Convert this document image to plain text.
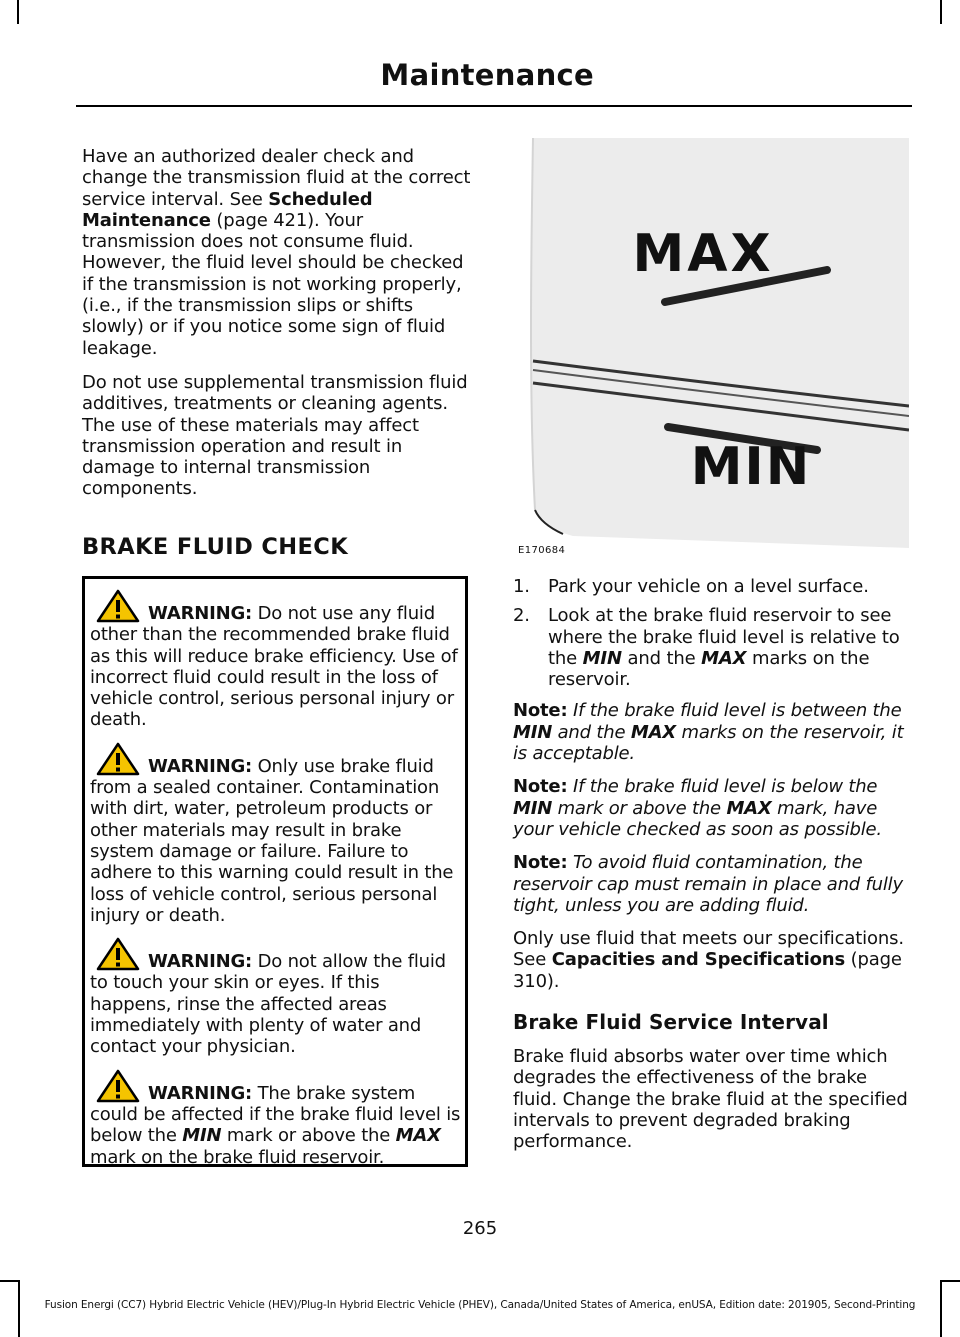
Maintenance

Have an authorized dealer check and change the transmission fluid at the correct service interval. See Scheduled Maintenance (page 421). Your transmission does not consume fluid. However, the fluid level should be checked if the transmission is not working properly, (i.e., if the transmission slips or shifts slowly) or if you notice some sign of fluid leakage.

Do not use supplemental transmission fluid additives, treatments or cleaning agents. The use of these materials may affect transmission operation and result in damage to internal transmission components.

BRAKE FLUID CHECK
WARNING: Do not use any fluid other than the recommended brake fluid as this will reduce brake efficiency. Use of incorrect fluid could result in the loss of vehicle control, serious personal injury or death.
WARNING: Only use brake fluid from a sealed container. Contamination with dirt, water, petroleum products or other materials may result in brake system damage or failure. Failure to adhere to this warning could result in the loss of vehicle control, serious personal injury or death.
WARNING: Do not allow the fluid to touch your skin or eyes. If this happens, rinse the affected areas immediately with plenty of water and contact your physician.
WARNING: The brake system could be affected if the brake fluid level is below the MIN mark or above the MAX mark on the brake fluid reservoir.
MAX
MIN
E170684
1. Park your vehicle on a level surface.
2. Look at the brake fluid reservoir to see where the brake fluid level is relative to the MIN and the MAX marks on the reservoir.

Note: If the brake fluid level is between the MIN and the MAX marks on the reservoir, it is acceptable.

Note: If the brake fluid level is below the MIN mark or above the MAX mark, have your vehicle checked as soon as possible.

Note: To avoid fluid contamination, the reservoir cap must remain in place and fully tight, unless you are adding fluid.

Only use fluid that meets our specifications. See Capacities and Specifications (page 310).

Brake Fluid Service Interval

Brake fluid absorbs water over time which degrades the effectiveness of the brake fluid. Change the brake fluid at the specified intervals to prevent degraded braking performance.

265
Fusion Energi (CC7) Hybrid Electric Vehicle (HEV)/Plug-In Hybrid Electric Vehicle (PHEV), Canada/United States of America, enUSA, Edition date: 201905, Second-Printing
